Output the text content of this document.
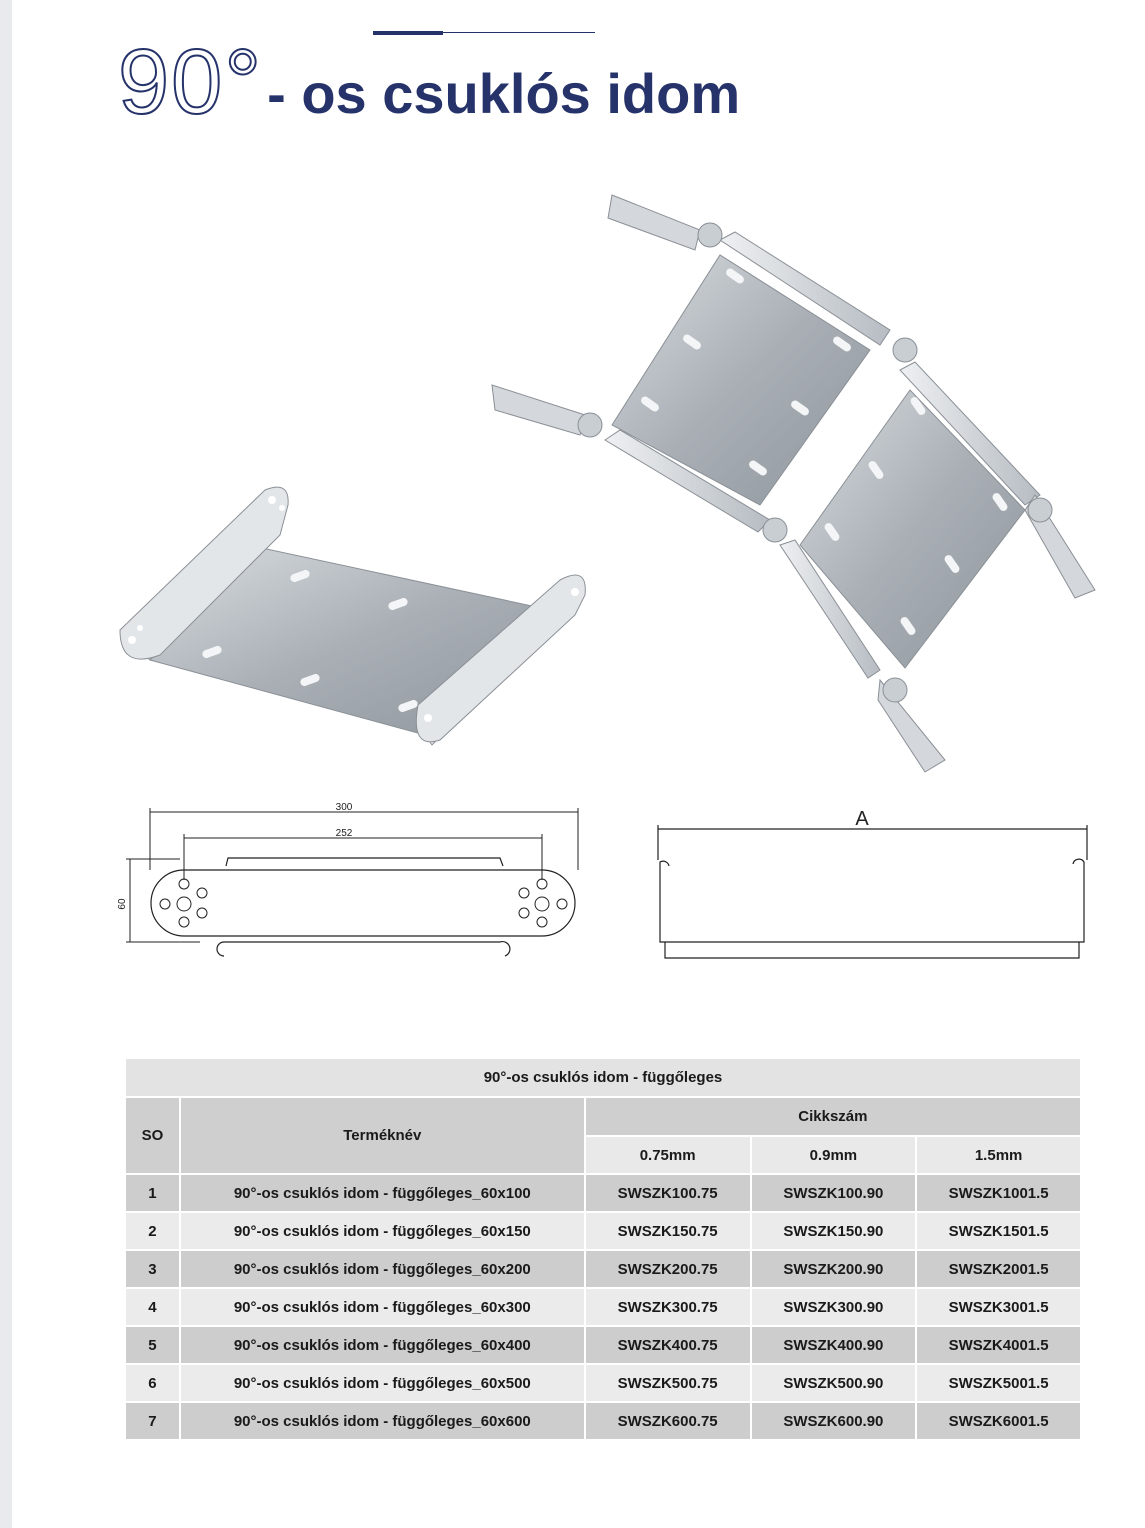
90°- os csuklós idom
300
252
60
A
90°-os csuklós idom - függőleges				
SO	Terméknév	Cikkszám		
		0.75mm	0.9mm	1.5mm
1	90°-os csuklós idom - függőleges_60x100	SWSZK100.75	SWSZK100.90	SWSZK1001.5
2	90°-os csuklós idom - függőleges_60x150	SWSZK150.75	SWSZK150.90	SWSZK1501.5
3	90°-os csuklós idom - függőleges_60x200	SWSZK200.75	SWSZK200.90	SWSZK2001.5
4	90°-os csuklós idom - függőleges_60x300	SWSZK300.75	SWSZK300.90	SWSZK3001.5
5	90°-os csuklós idom - függőleges_60x400	SWSZK400.75	SWSZK400.90	SWSZK4001.5
6	90°-os csuklós idom - függőleges_60x500	SWSZK500.75	SWSZK500.90	SWSZK5001.5
7	90°-os csuklós idom - függőleges_60x600	SWSZK600.75	SWSZK600.90	SWSZK6001.5
